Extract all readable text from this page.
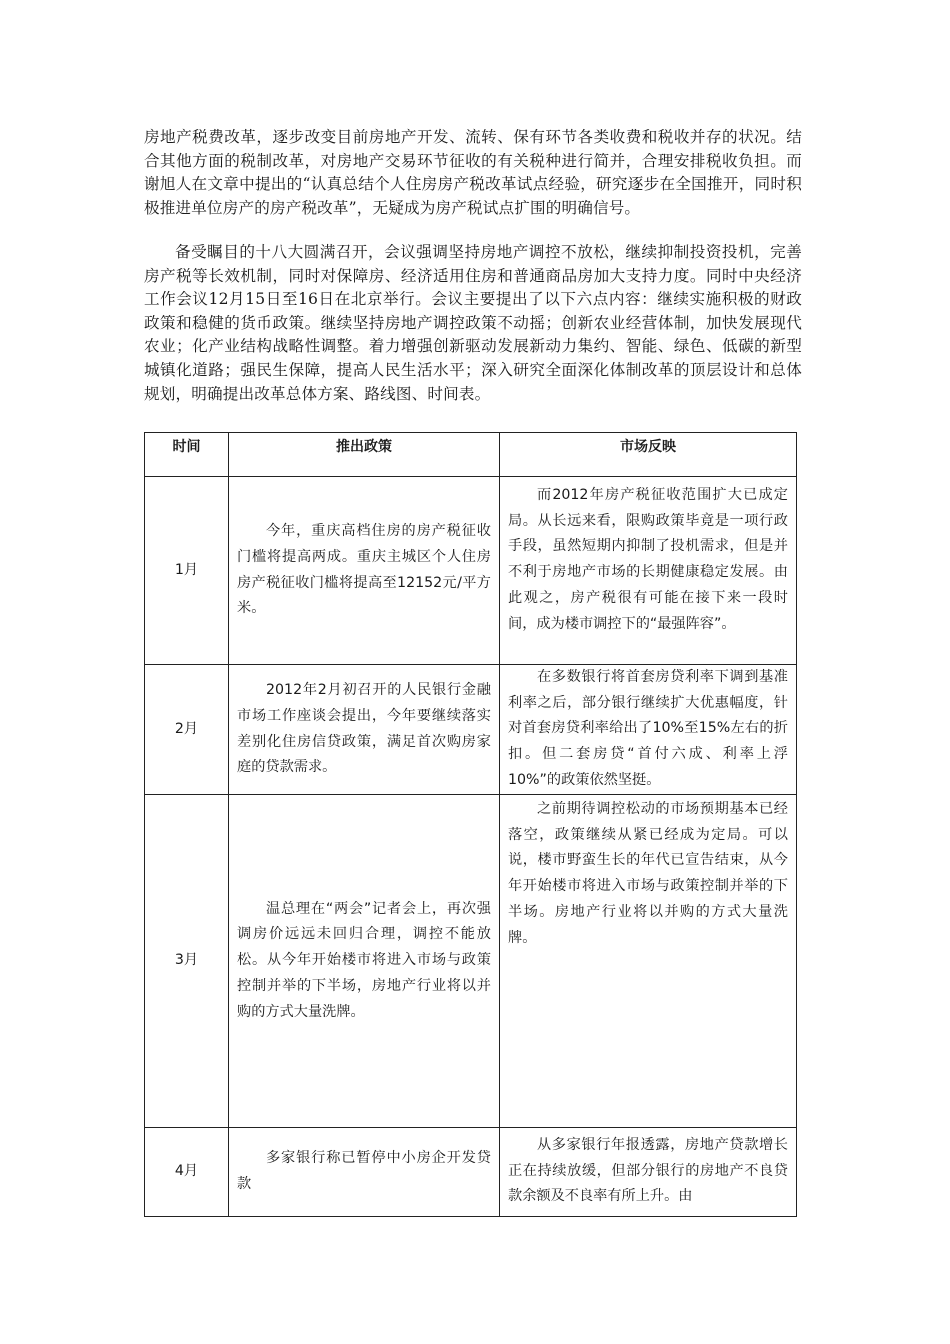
房地产税费改革，逐步改变目前房地产开发、流转、保有环节各类收费和税收并存的状况。结合其他方面的税制改革，对房地产交易环节征收的有关税种进行简并，合理安排税收负担。而谢旭人在文章中提出的“认真总结个人住房房产税改革试点经验，研究逐步在全国推开，同时积极推进单位房产的房产税改革”，无疑成为房产税试点扩围的明确信号。

备受瞩目的十八大圆满召开，会议强调坚持房地产调控不放松，继续抑制投资投机，完善房产税等长效机制，同时对保障房、经济适用住房和普通商品房加大支持力度。同时中央经济工作会议12月15日至16日在北京举行。会议主要提出了以下六点内容：继续实施积极的财政政策和稳健的货币政策。继续坚持房地产调控政策不动摇；创新农业经营体制，加快发展现代农业；化产业结构战略性调整。着力增强创新驱动发展新动力集约、智能、绿色、低碳的新型城镇化道路；强民生保障，提高人民生活水平；深入研究全面深化体制改革的顶层设计和总体规划，明确提出改革总体方案、路线图、时间表。

时间	推出政策	市场反映
1月	今年，重庆高档住房的房产税征收门槛将提高两成。重庆主城区个人住房房产税征收门槛将提高至12152元/平方米。	而2012年房产税征收范围扩大已成定局。从长远来看，限购政策毕竟是一项行政手段，虽然短期内抑制了投机需求，但是并不利于房地产市场的长期健康稳定发展。由此观之，房产税很有可能在接下来一段时间，成为楼市调控下的“最强阵容”。

2月	2012年2月初召开的人民银行金融市场工作座谈会提出，今年要继续落实差别化住房信贷政策，满足首次购房家庭的贷款需求。	在多数银行将首套房贷利率下调到基准利率之后，部分银行继续扩大优惠幅度，针对首套房贷利率给出了10%至15%左右的折扣。但二套房贷“首付六成、利率上浮10%”的政策依然坚挺。

3月	温总理在“两会”记者会上，再次强调房价远远未回归合理，调控不能放松。从今年开始楼市将进入市场与政策控制并举的下半场，房地产行业将以并购的方式大量洗牌。	之前期待调控松动的市场预期基本已经落空，政策继续从紧已经成为定局。可以说，楼市野蛮生长的年代已宣告结束，从今年开始楼市将进入市场与政策控制并举的下半场。房地产行业将以并购的方式大量洗牌。

4月	多家银行称已暂停中小房企开发贷款	从多家银行年报透露，房地产贷款增长正在持续放缓，但部分银行的房地产不良贷款余额及不良率有所上升。由
